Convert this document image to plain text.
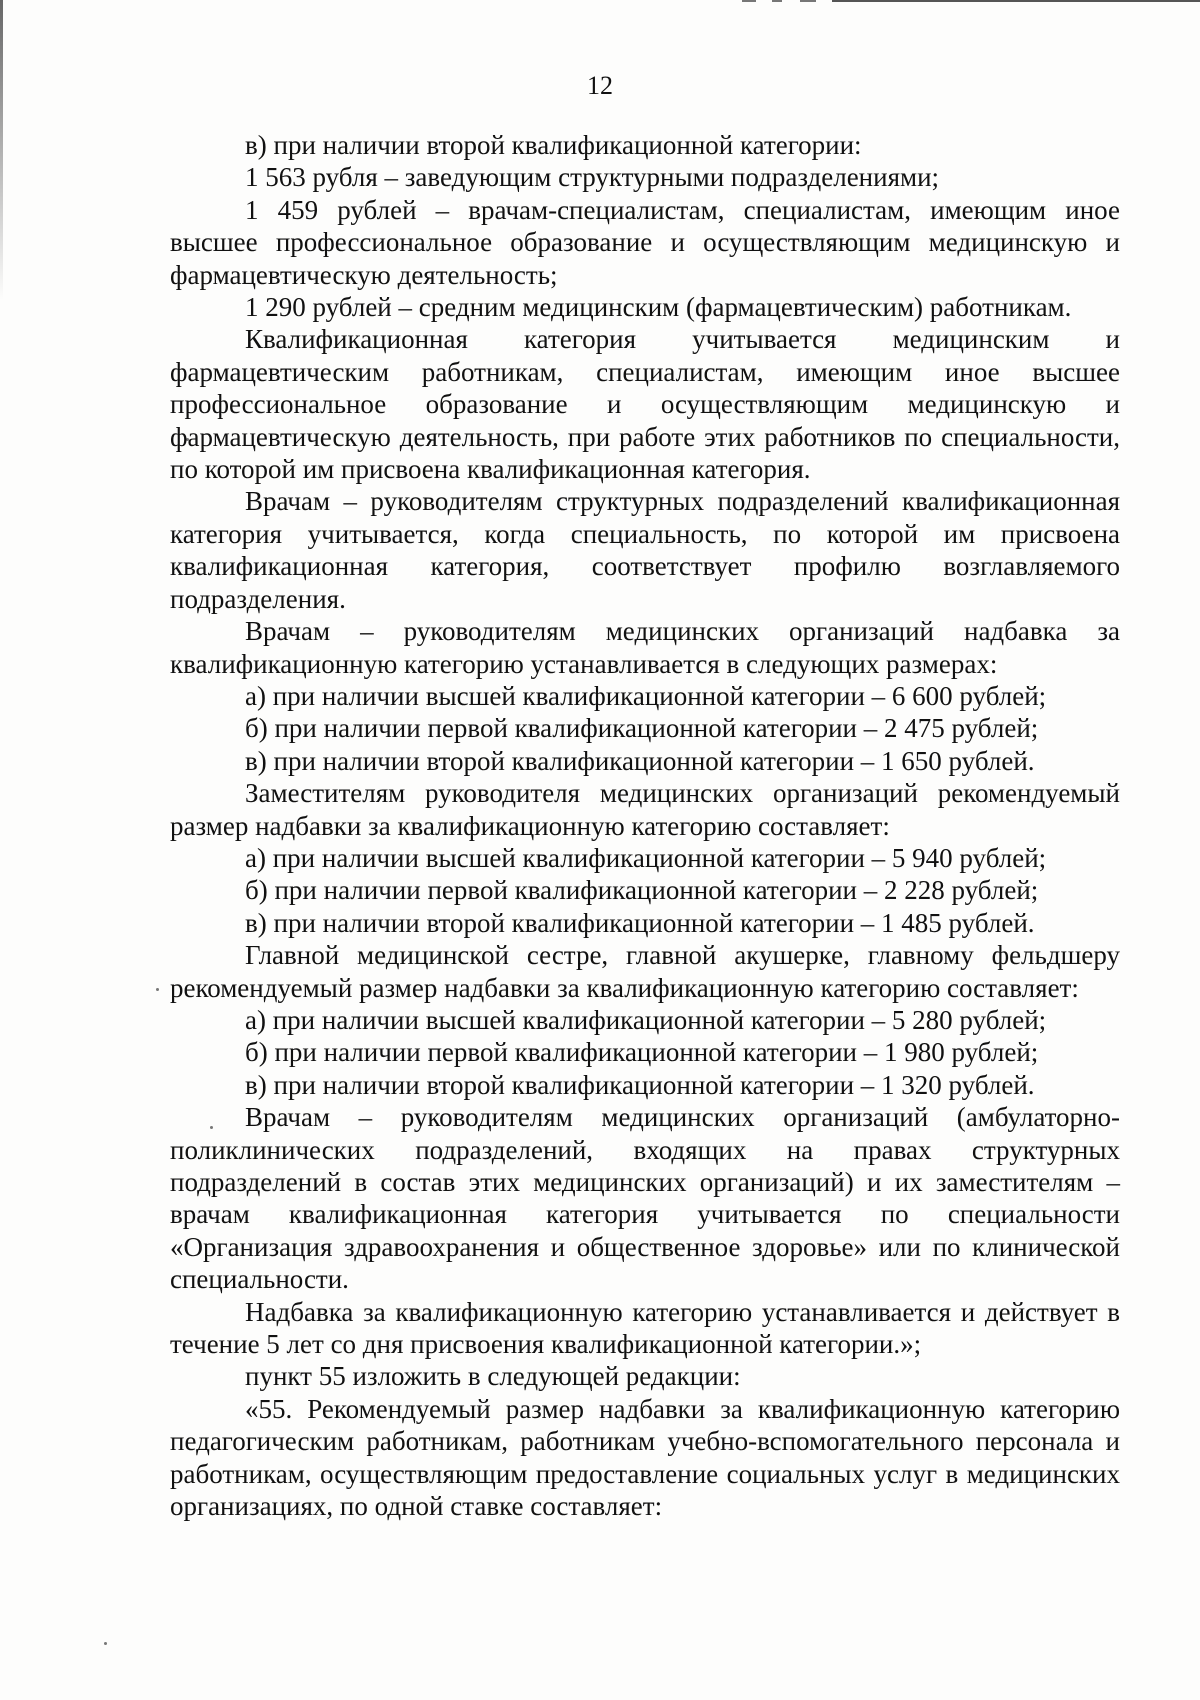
12

в) при наличии второй квалификационной категории:

1 563 рубля – заведующим структурными подразделениями;

1 459 рублей – врачам-специалистам, специалистам, имеющим иное высшее профессиональное образование и осуществляющим медицинскую и фармацевтическую деятельность;

1 290 рублей – средним медицинским (фармацевтическим) работникам.

Квалификационная категория учитывается медицинским и фармацевтическим работникам, специалистам, имеющим иное высшее профессиональное образование и осуществляющим медицинскую и фармацевтическую деятельность, при работе этих работников по специальности, по которой им присвоена квалификационная категория.

Врачам – руководителям структурных подразделений квалификационная категория учитывается, когда специальность, по которой им присвоена квалификационная категория, соответствует профилю возглавляемого подразделения.

Врачам – руководителям медицинских организаций надбавка за квалификационную категорию устанавливается в следующих размерах:

а) при наличии высшей квалификационной категории – 6 600 рублей;

б) при наличии первой квалификационной категории – 2 475 рублей;

в) при наличии второй квалификационной категории – 1 650 рублей.

Заместителям руководителя медицинских организаций рекомендуемый размер надбавки за квалификационную категорию составляет:

а) при наличии высшей квалификационной категории – 5 940 рублей;

б) при наличии первой квалификационной категории – 2 228 рублей;

в) при наличии второй квалификационной категории – 1 485 рублей.

Главной медицинской сестре, главной акушерке, главному фельдшеру рекомендуемый размер надбавки за квалификационную категорию составляет:

а) при наличии высшей квалификационной категории – 5 280 рублей;

б) при наличии первой квалификационной категории – 1 980 рублей;

в) при наличии второй квалификационной категории – 1 320 рублей.

Врачам – руководителям медицинских организаций (амбулаторно-поликлинических подразделений, входящих на правах структурных подразделений в состав этих медицинских организаций) и их заместителям – врачам квалификационная категория учитывается по специальности «Организация здравоохранения и общественное здоровье» или по клинической специальности.

Надбавка за квалификационную категорию устанавливается и действует в течение 5 лет со дня присвоения квалификационной категории.»;

пункт 55 изложить в следующей редакции:

«55. Рекомендуемый размер надбавки за квалификационную категорию педагогическим работникам, работникам учебно-вспомогательного персонала и работникам, осуществляющим предоставление социальных услуг в медицинских организациях, по одной ставке составляет:
